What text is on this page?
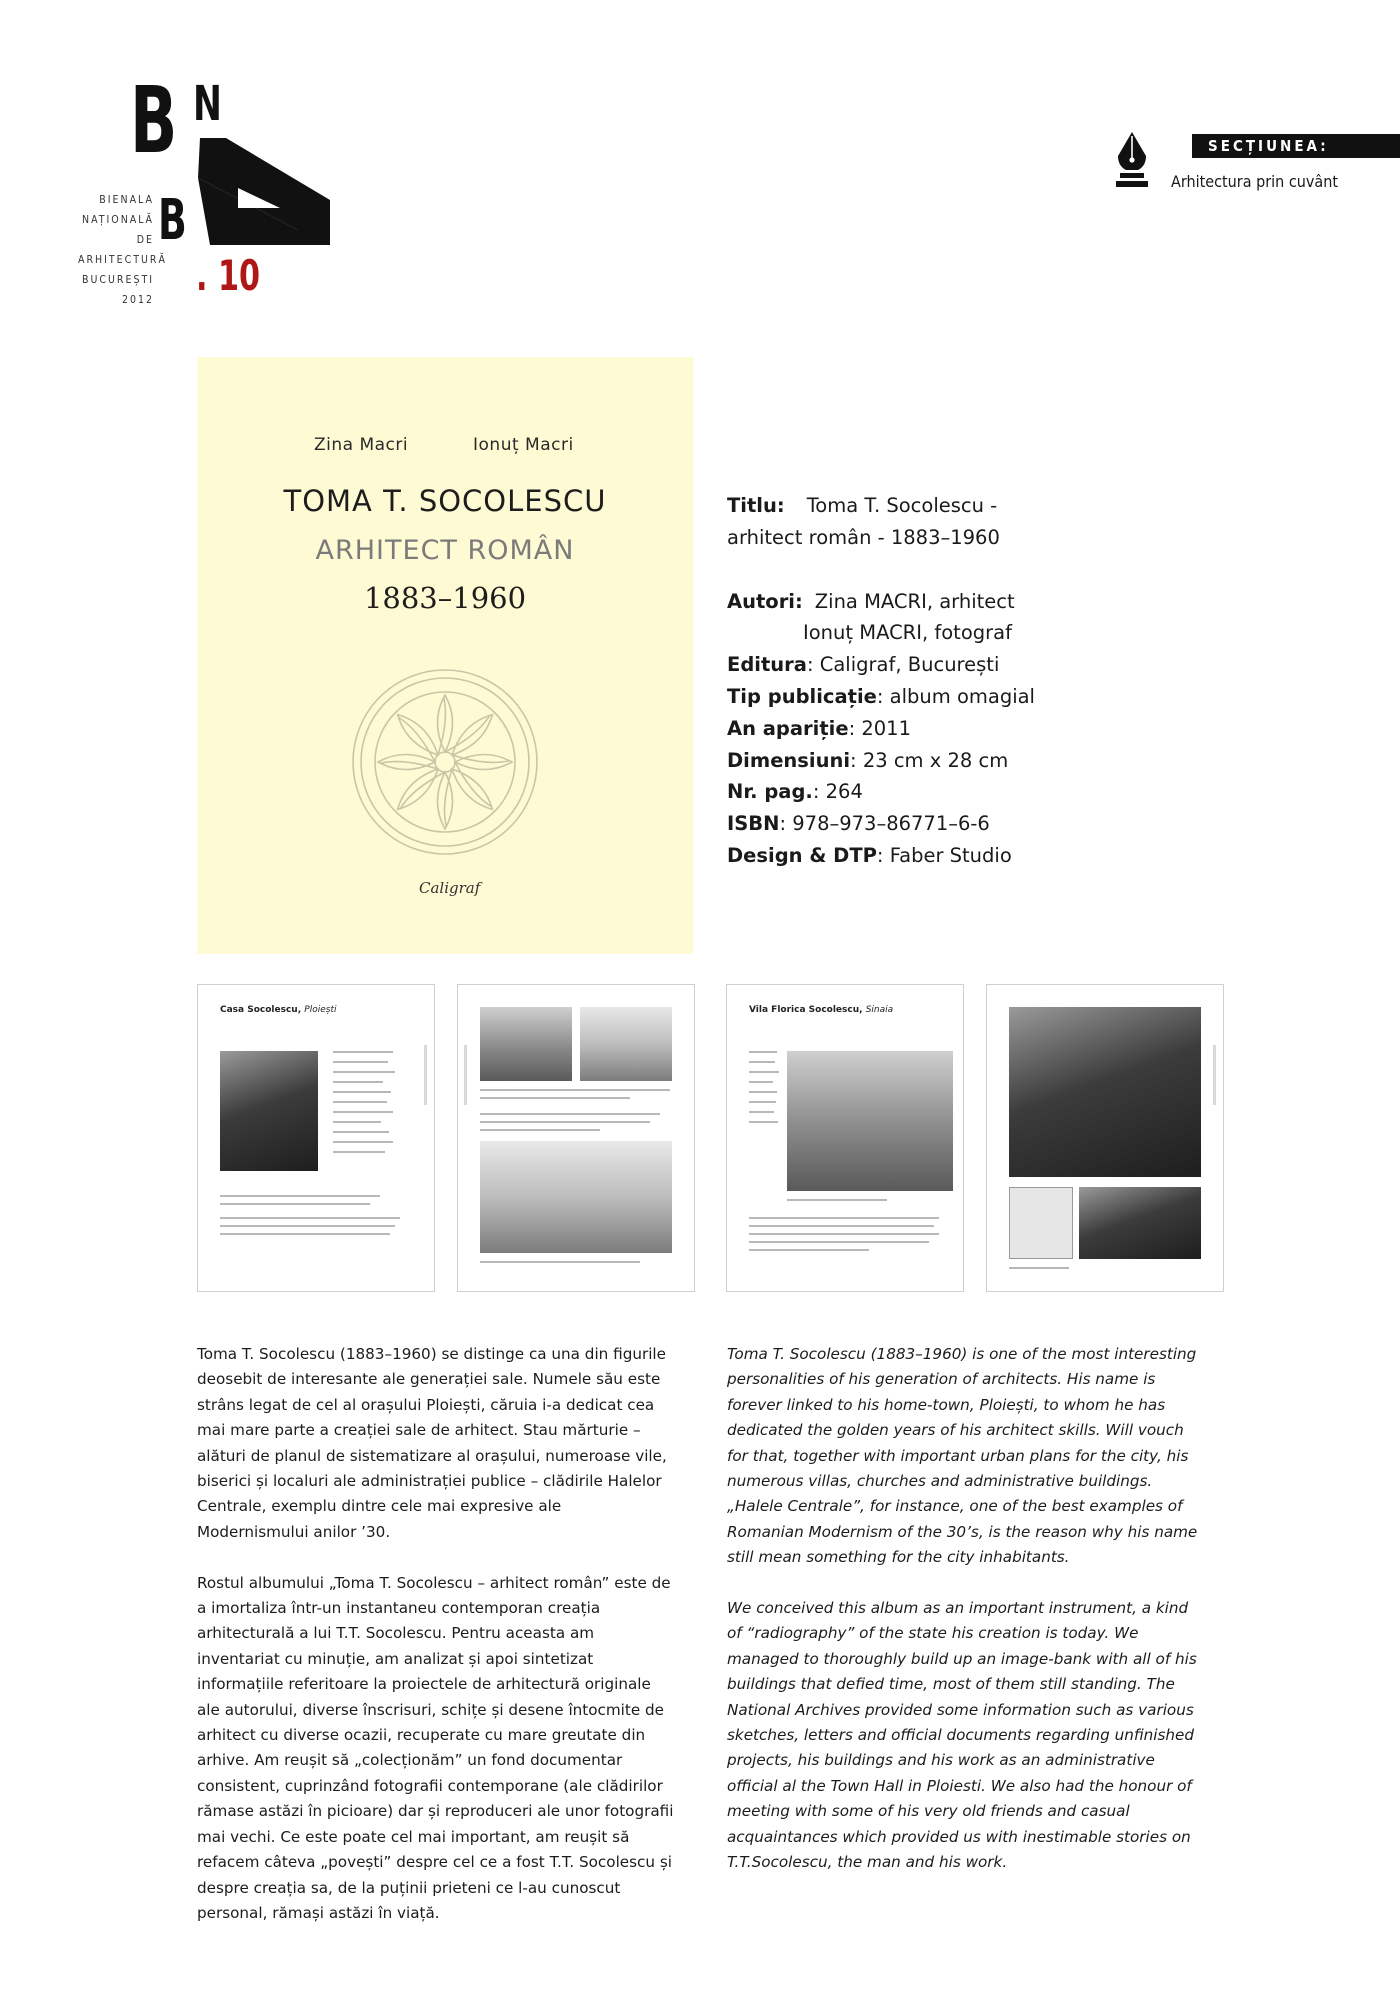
B N
B
BIENALA
NAȚIONALĂ
DE
ARHITECTURĂ
BUCUREȘTI
2012 . 10
SECȚIUNEA:
Arhitectura prin cuvânt
Zina Macri	Ionuț Macri
TOMA T. SOCOLESCU
ARHITECT ROMÂN
1883–1960
Caligraf
Titlu: Toma T. Socolescu -
arhitect român - 1883–1960
Autori: Zina MACRI, arhitect
Ionuț MACRI, fotograf
Editura: Caligraf, București
Tip publicație: album omagial
An apariție: 2011
Dimensiuni: 23 cm x 28 cm
Nr. pag.: 264
ISBN: 978–973–86771–6-6
Design & DTP: Faber Studio
Casa Socolescu, Ploiești	Vila Florica Socolescu, Sinaia

Toma T. Socolescu (1883–1960) se distinge ca una din figurile deosebit de interesante ale generației sale. Numele său este strâns legat de cel al orașului Ploiești, căruia i-a dedicat cea mai mare parte a creației sale de arhitect. Stau mărturie – alături de planul de sistematizare al orașului, numeroase vile, biserici și localuri ale administrației publice – clădirile Halelor Centrale, exemplu dintre cele mai expresive ale Modernismului anilor ’30.

Rostul albumului „Toma T. Socolescu – arhitect român” este de a imortaliza într-un instantaneu contemporan creația arhitecturală a lui T.T. Socolescu. Pentru aceasta am inventariat cu minuție, am analizat și apoi sintetizat informațiile referitoare la proiectele de arhitectură originale ale autorului, diverse înscrisuri, schițe și desene întocmite de arhitect cu diverse ocazii, recuperate cu mare greutate din arhive. Am reușit să „colecționăm” un fond documentar consistent, cuprinzând fotografii contemporane (ale clădirilor rămase astăzi în picioare) dar și reproduceri ale unor fotografii mai vechi. Ce este poate cel mai important, am reușit să refacem câteva „povești” despre cel ce a fost T.T. Socolescu și despre creația sa, de la puținii prieteni ce l-au cunoscut personal, rămași astăzi în viață.

Toma T. Socolescu (1883–1960) is one of the most interesting personalities of his generation of architects. His name is forever linked to his home-town, Ploiești, to whom he has dedicated the golden years of his architect skills. Will vouch for that, together with important urban plans for the city, his numerous villas, churches and administrative buildings. „Halele Centrale”, for instance, one of the best examples of Romanian Modernism of the 30’s, is the reason why his name still mean something for the city inhabitants.

We conceived this album as an important instrument, a kind of “radiography” of the state his creation is today. We managed to thoroughly build up an image-bank with all of his buildings that defied time, most of them still standing. The National Archives provided some information such as various sketches, letters and official documents regarding unfinished projects, his buildings and his work as an administrative official al the Town Hall in Ploiesti. We also had the honour of meeting with some of his very old friends and casual acquaintances which provided us with inestimable stories on T.T.Socolescu, the man and his work.
